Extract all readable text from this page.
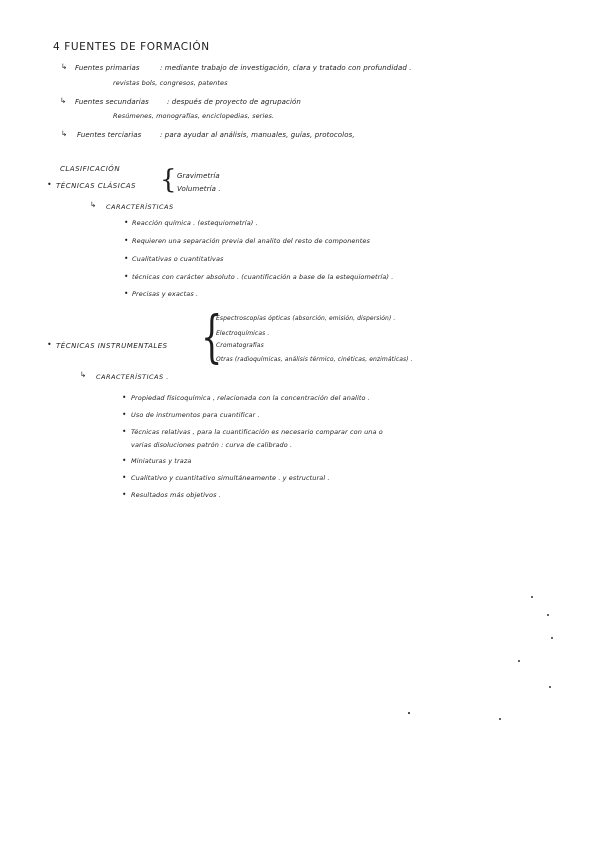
4 FUENTES DE FORMACIÓN
↳ Fuentes primarias	: mediante trabajo de investigación, clara y tratado con profundidad .
revistas bols, congresos, patentes
↳ Fuentes secundarias	: después de proyecto de agrupación
Resúmenes, monografías, enciclopedias, series.
↳ Fuentes terciarias	: para ayudar al análisis, manuales, guías, protocolos,
CLASIFICACIÓN
• TÉCNICAS CLÁSICAS { Gravimetría
Volumetría .
↳ CARACTERÍSTICAS
• Reacción química . (estequiometría) .
• Requieren una separación previa del analito del resto de componentes
• Cualitativas o cuantitativas
• técnicas con carácter absoluto . (cuantificación a base de la estequiometría) .
• Precisas y exactas .
• TÉCNICAS INSTRUMENTALES {
Espectroscopías ópticas (absorción, emisión, dispersión) .
Electroquímicas .
Cromatografías
Otras (radioquímicas, análisis térmico, cinéticas, enzimáticas) .
↳ CARACTERÍSTICAS .
• Propiedad físicoquímica , relacionada con la concentración del analito .
• Uso de instrumentos para cuantificar .
• Técnicas relativas , para la cuantificación es necesario comparar con una o
varias disoluciones patrón : curva de calibrado .
• Miniaturas y traza
• Cualitativo y cuantitativo simultáneamente . y estructural .
• Resultados más objetivos .
